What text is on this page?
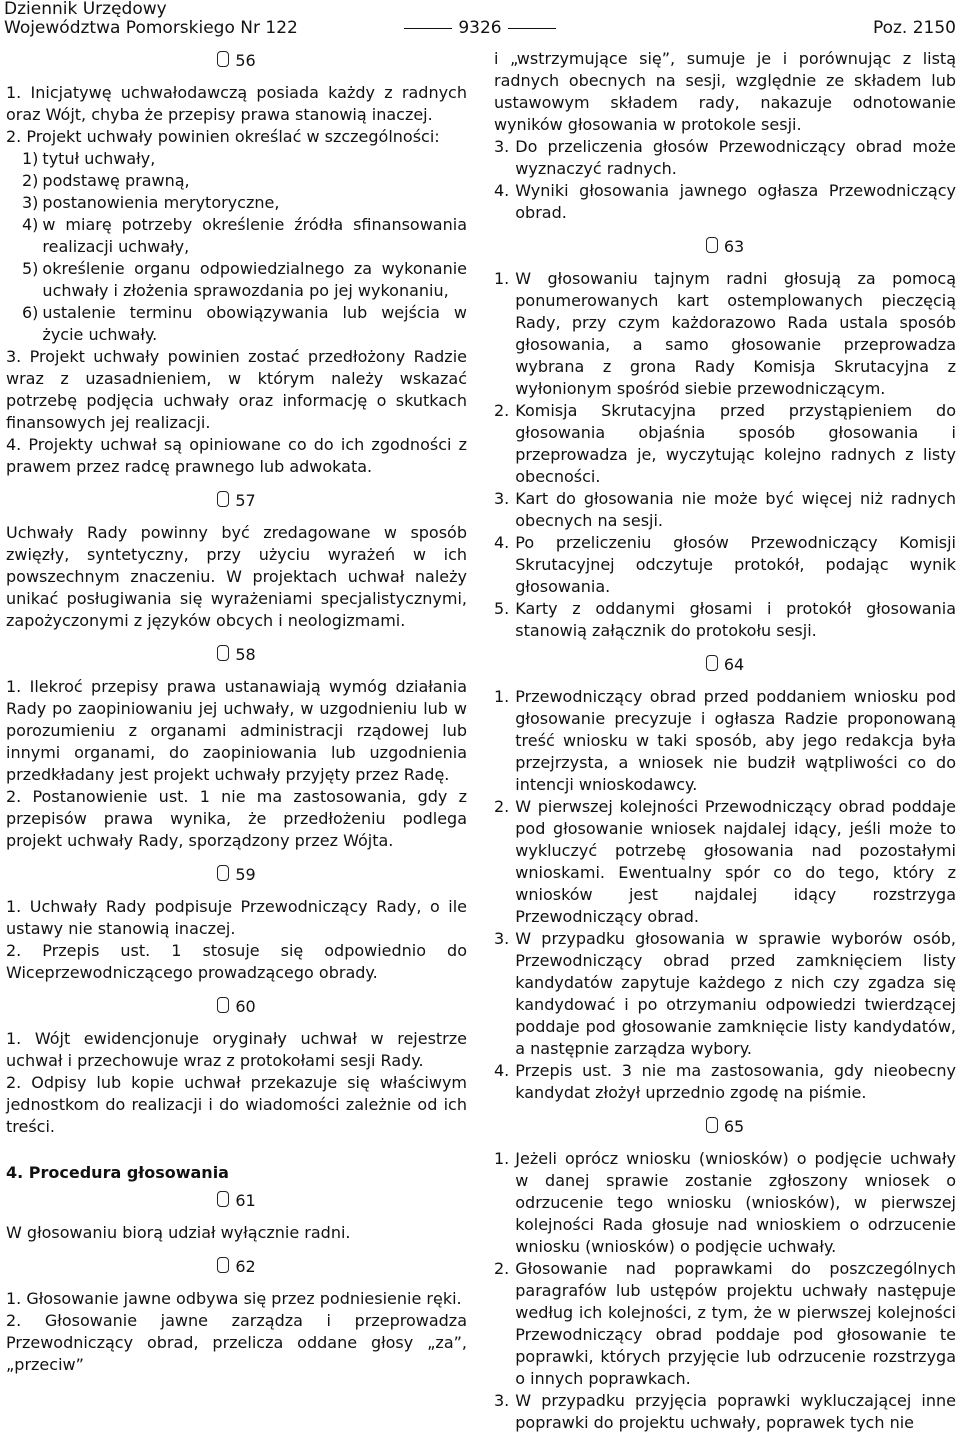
Dziennik Urzędowy
Województwa Pomorskiego Nr 122	9326	Poz. 2150
56

1. Inicjatywę uchwałodawczą posiada każdy z radnych oraz Wójt, chyba że przepisy prawa stanowią inaczej.

2. Projekt uchwały powinien określać w szczególności:

1) tytuł uchwały,
2) podstawę prawną,
3) postanowienia merytoryczne,
4) w miarę potrzeby określenie źródła sfinansowania realizacji uchwały,
5) określenie organu odpowiedzialnego za wykonanie uchwały i złożenia sprawozdania po jej wykonaniu,
6) ustalenie terminu obowiązywania lub wejścia w życie uchwały.

3. Projekt uchwały powinien zostać przedłożony Radzie wraz z uzasadnieniem, w którym należy wskazać potrzebę podjęcia uchwały oraz informację o skutkach finansowych jej realizacji.

4. Projekty uchwał są opiniowane co do ich zgodności z prawem przez radcę prawnego lub adwokata.

57

Uchwały Rady powinny być zredagowane w sposób zwięzły, syntetyczny, przy użyciu wyrażeń w ich powszechnym znaczeniu. W projektach uchwał należy unikać posługiwania się wyrażeniami specjalistycznymi, zapożyczonymi z języków obcych i neologizmami.

58

1. Ilekroć przepisy prawa ustanawiają wymóg działania Rady po zaopiniowaniu jej uchwały, w uzgodnieniu lub w porozumieniu z organami administracji rządowej lub innymi organami, do zaopiniowania lub uzgodnienia przedkładany jest projekt uchwały przyjęty przez Radę.

2. Postanowienie ust. 1 nie ma zastosowania, gdy z przepisów prawa wynika, że przedłożeniu podlega projekt uchwały Rady, sporządzony przez Wójta.

59

1. Uchwały Rady podpisuje Przewodniczący Rady, o ile ustawy nie stanowią inaczej.

2. Przepis ust. 1 stosuje się odpowiednio do Wiceprzewodniczącego prowadzącego obrady.

60

1. Wójt ewidencjonuje oryginały uchwał w rejestrze uchwał i przechowuje wraz z protokołami sesji Rady.

2. Odpisy lub kopie uchwał przekazuje się właściwym jednostkom do realizacji i do wiadomości zależnie od ich treści.

4. Procedura głosowania
61

W głosowaniu biorą udział wyłącznie radni.

62

1. Głosowanie jawne odbywa się przez podniesienie ręki.

2. Głosowanie jawne zarządza i przeprowadza Przewodniczący obrad, przelicza oddane głosy „za”, „przeciw”

i „wstrzymujące się”, sumuje je i porównując z listą radnych obecnych na sesji, względnie ze składem lub ustawowym składem rady, nakazuje odnotowanie wyników głosowania w protokole sesji.

3. Do przeliczenia głosów Przewodniczący obrad może wyznaczyć radnych.
4. Wyniki głosowania jawnego ogłasza Przewodniczący obrad.
63
1. W głosowaniu tajnym radni głosują za pomocą ponumerowanych kart ostemplowanych pieczęcią Rady, przy czym każdorazowo Rada ustala sposób głosowania, a samo głosowanie przeprowadza wybrana z grona Rady Komisja Skrutacyjna z wyłonionym spośród siebie przewodniczącym.
2. Komisja Skrutacyjna przed przystąpieniem do głosowania objaśnia sposób głosowania i przeprowadza je, wyczytując kolejno radnych z listy obecności.
3. Kart do głosowania nie może być więcej niż radnych obecnych na sesji.
4. Po przeliczeniu głosów Przewodniczący Komisji Skrutacyjnej odczytuje protokół, podając wynik głosowania.
5. Karty z oddanymi głosami i protokół głosowania stanowią załącznik do protokołu sesji.
64
1. Przewodniczący obrad przed poddaniem wniosku pod głosowanie precyzuje i ogłasza Radzie proponowaną treść wniosku w taki sposób, aby jego redakcja była przejrzysta, a wniosek nie budził wątpliwości co do intencji wnioskodawcy.
2. W pierwszej kolejności Przewodniczący obrad poddaje pod głosowanie wniosek najdalej idący, jeśli może to wykluczyć potrzebę głosowania nad pozostałymi wnioskami. Ewentualny spór co do tego, który z wniosków jest najdalej idący rozstrzyga Przewodniczący obrad.
3. W przypadku głosowania w sprawie wyborów osób, Przewodniczący obrad przed zamknięciem listy kandydatów zapytuje każdego z nich czy zgadza się kandydować i po otrzymaniu odpowiedzi twierdzącej poddaje pod głosowanie zamknięcie listy kandydatów, a następnie zarządza wybory.
4. Przepis ust. 3 nie ma zastosowania, gdy nieobecny kandydat złożył uprzednio zgodę na piśmie.
65
1. Jeżeli oprócz wniosku (wniosków) o podjęcie uchwały w danej sprawie zostanie zgłoszony wniosek o odrzucenie tego wniosku (wniosków), w pierwszej kolejności Rada głosuje nad wnioskiem o odrzucenie wniosku (wniosków) o podjęcie uchwały.
2. Głosowanie nad poprawkami do poszczególnych paragrafów lub ustępów projektu uchwały następuje według ich kolejności, z tym, że w pierwszej kolejności Przewodniczący obrad poddaje pod głosowanie te poprawki, których przyjęcie lub odrzucenie rozstrzyga o innych poprawkach.
3. W przypadku przyjęcia poprawki wykluczającej inne poprawki do projektu uchwały, poprawek tych nie
